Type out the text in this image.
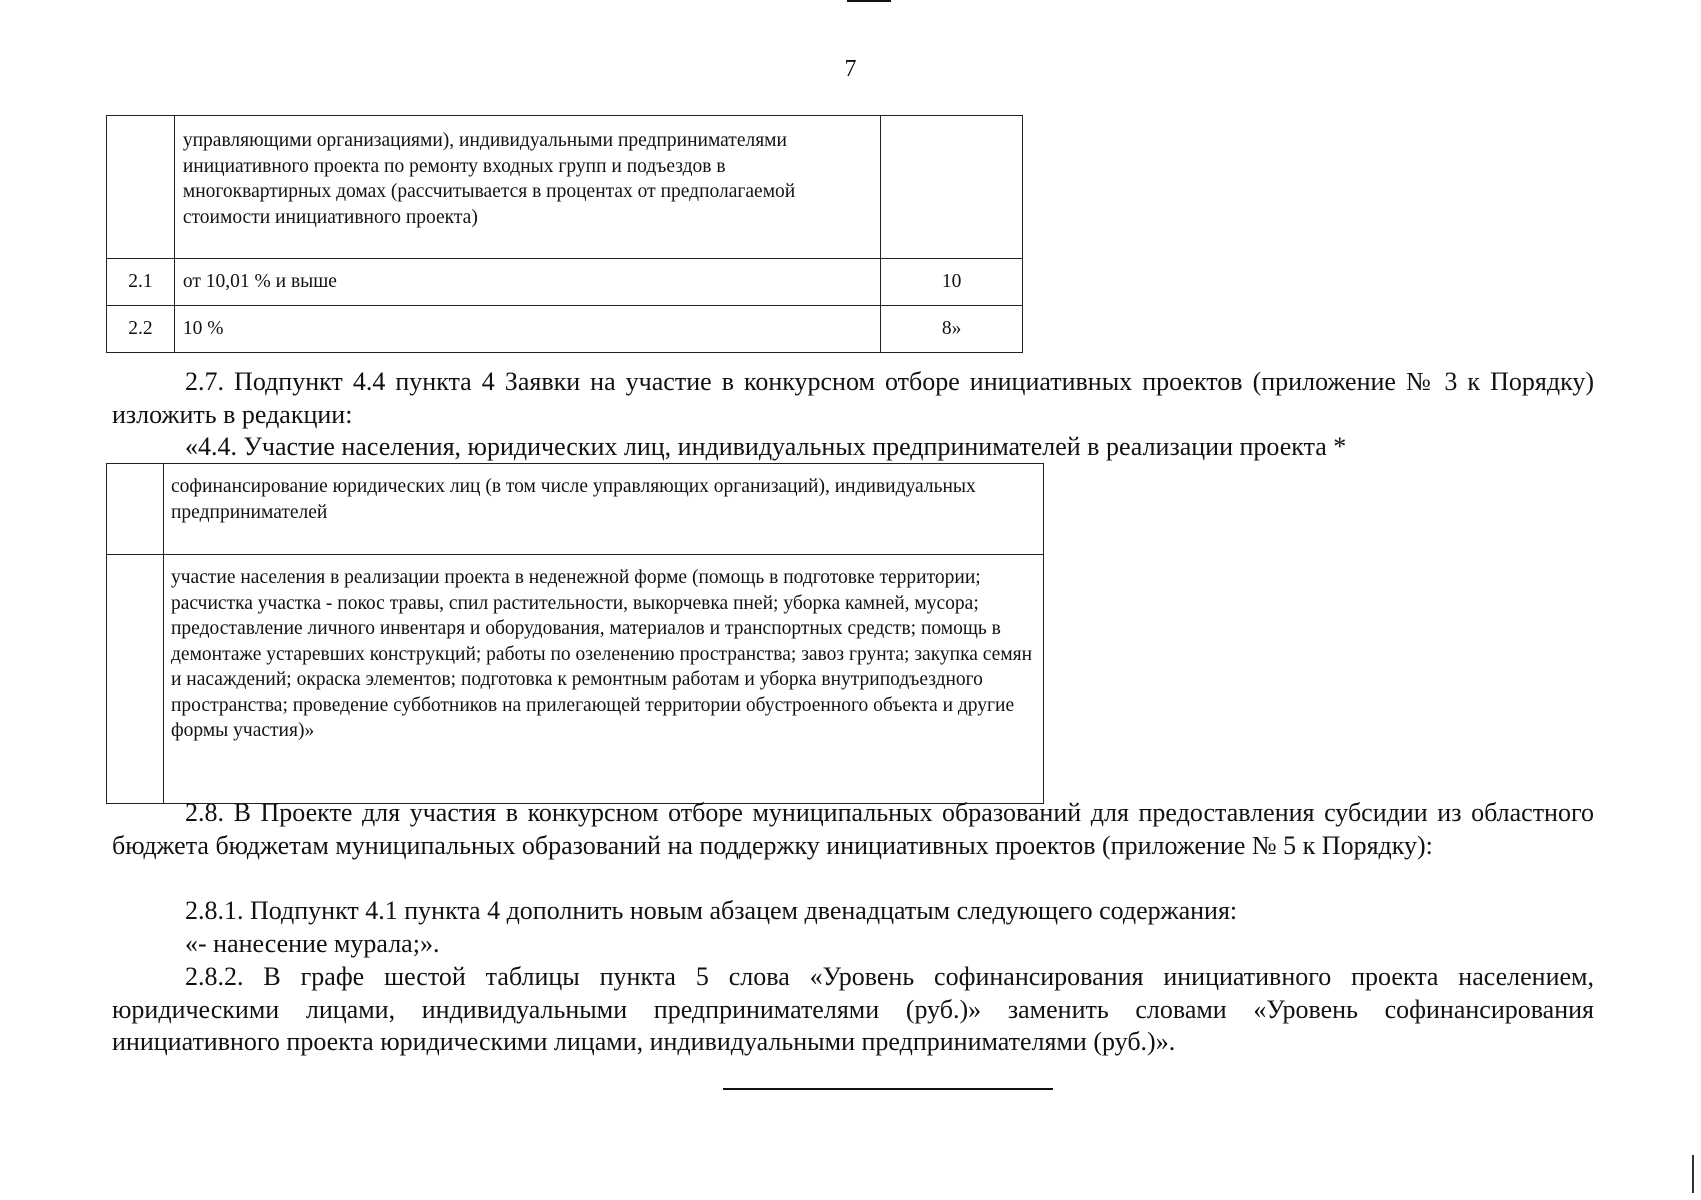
7
	управляющими организациями), индивидуальными предпринимателями инициативного проекта по ремонту входных групп и подъездов в многоквартирных домах (рассчитывается в процентах от предполагаемой стоимости инициативного проекта)	
2.1	от 10,01 % и выше	10
2.2	10 %	8»

2.7. Подпункт 4.4 пункта 4 Заявки на участие в конкурсном отборе инициативных проектов (приложение № 3 к Порядку) изложить в редакции:

«4.4. Участие населения, юридических лиц, индивидуальных предпринимателей в реализации проекта *

	софинансирование юридических лиц (в том числе управляющих организаций), индивидуальных предпринимателей
	участие населения в реализации проекта в неденежной форме (помощь в подготовке территории; расчистка участка - покос травы, спил растительности, выкорчевка пней; уборка камней, мусора; предоставление личного инвентаря и оборудования, материалов и транспортных средств; помощь в демонтаже устаревших конструкций; работы по озеленению пространства; завоз грунта; закупка семян и насаждений; окраска элементов; подготовка к ремонтным работам и уборка внутриподъездного пространства; проведение субботников на прилегающей территории обустроенного объекта и другие формы участия)»

2.8. В Проекте для участия в конкурсном отборе муниципальных образований для предоставления субсидии из областного бюджета бюджетам муниципальных образований на поддержку инициативных проектов (приложение № 5 к Порядку):

2.8.1. Подпункт 4.1 пункта 4 дополнить новым абзацем двенадцатым следующего содержания:

«- нанесение мурала;».

2.8.2. В графе шестой таблицы пункта 5 слова «Уровень софинансирования инициативного проекта населением, юридическими лицами, индивидуальными предпринимателями (руб.)» заменить словами «Уровень софинансирования инициативного проекта юридическими лицами, индивидуальными предпринимателями (руб.)».
